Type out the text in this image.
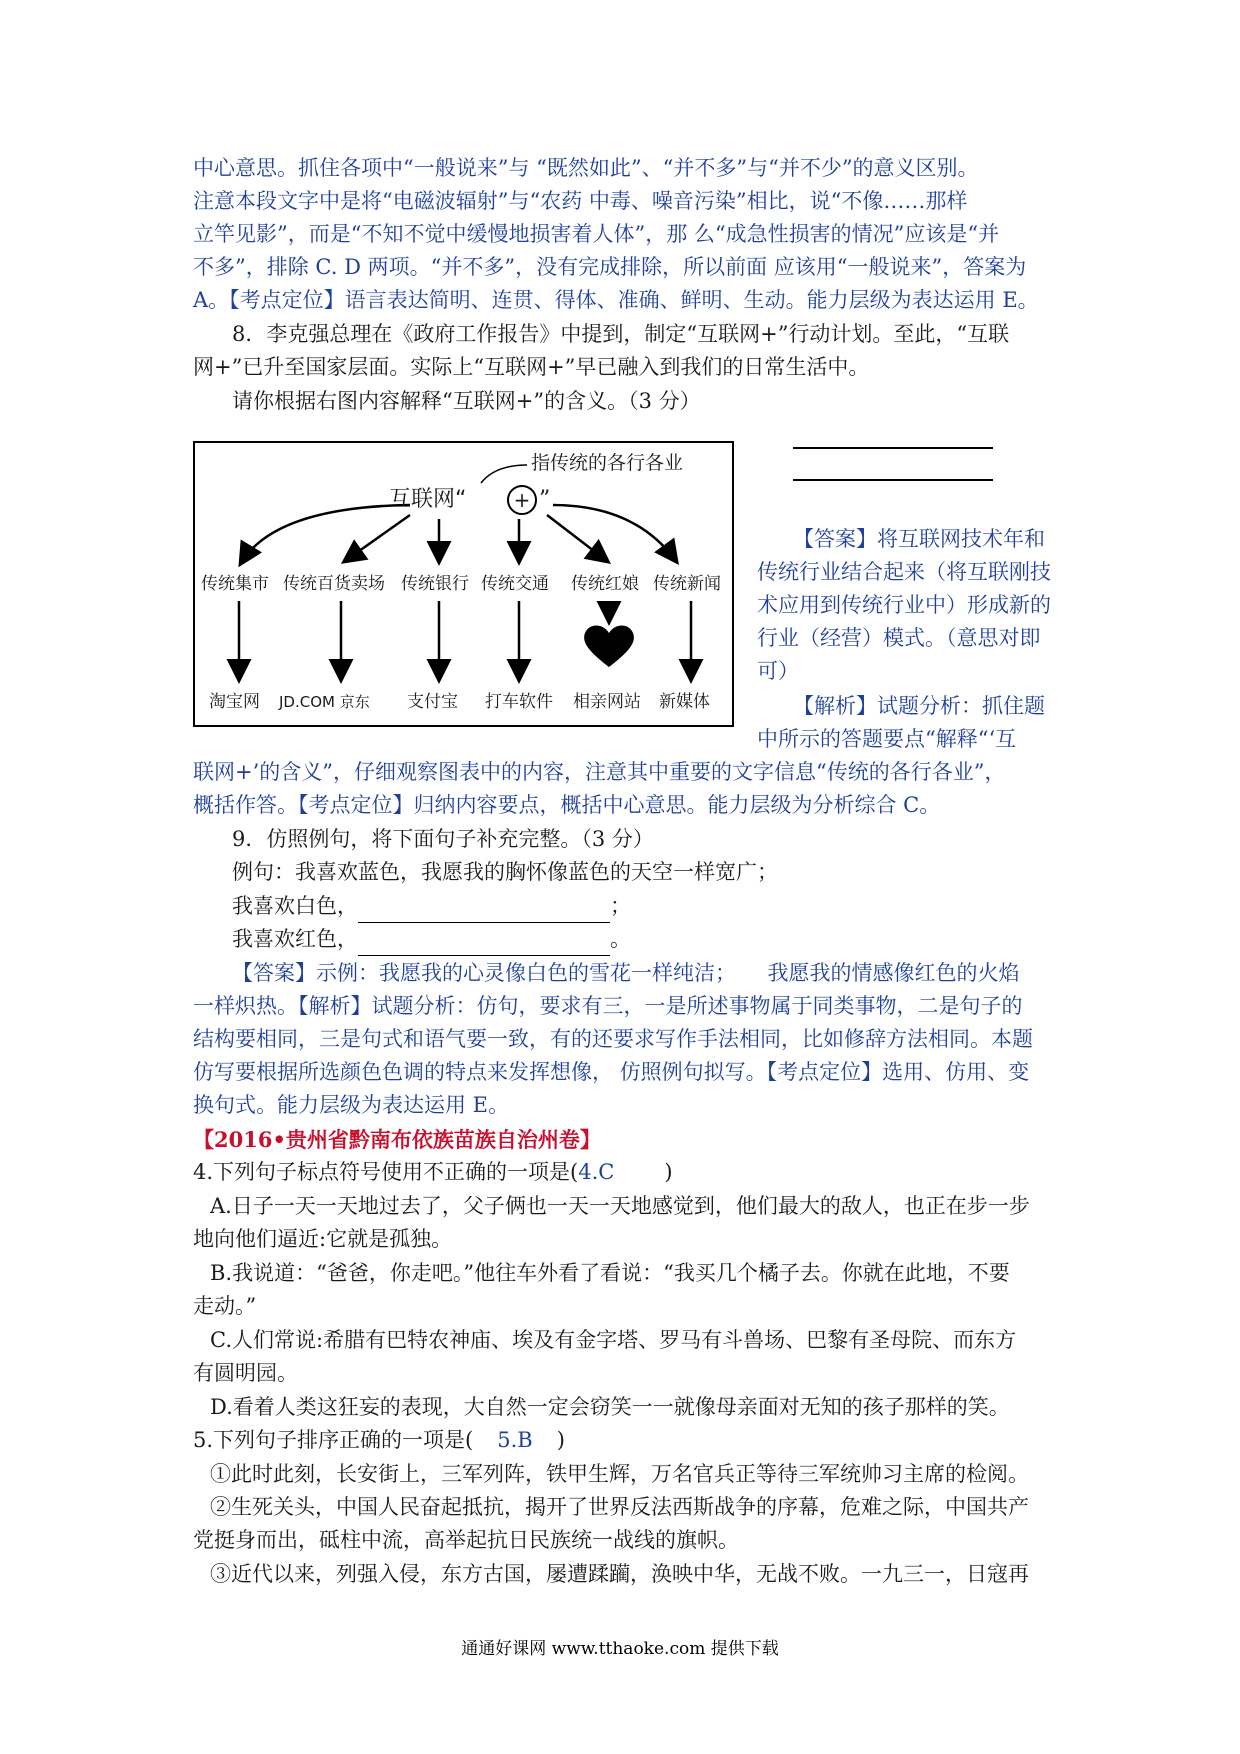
中心意思。抓住各项中“一般说来”与 “既然如此”、“并不多”与“并不少”的意义区别。
注意本段文字中是将“电磁波辐射”与“农药 中毒、噪音污染”相比，说“不像……那样
立竿见影”，而是“不知不觉中缓慢地损害着人体”，那 么“成急性损害的情况”应该是“并
不多”，排除 C. D 两项。“并不多”，没有完成排除，所以前面 应该用“一般说来”，答案为
A。【考点定位】语言表达简明、连贯、得体、准确、鲜明、生动。能力层级为表达运用 E。
8．李克强总理在《政府工作报告》中提到，制定“互联网+”行动计划。至此，“互联
网+”已升至国家层面。实际上“互联网+”早已融入到我们的日常生活中。
请你根据右图内容解释“互联网+”的含义。（3 分）
指传统的各行各业
互联网“ + ”
传统集市 传统百货卖场 传统银行 传统交通 传统红娘 传统新闻
淘宝网 JD.COM 京东 支付宝 打车软件 相亲网站 新媒体
【答案】将互联网技术年和
传统行业结合起来（将互联刚技
术应用到传统行业中）形成新的
行业（经营）模式。（意思对即
可）
【解析】试题分析：抓住题
中所示的答题要点“解释“‘互
联网+’的含义”，仔细观察图表中的内容，注意其中重要的文字信息“传统的各行各业”，
概括作答。【考点定位】归纳内容要点，概括中心意思。能力层级为分析综合 C。
9．仿照例句，将下面句子补充完整。（3 分）
例句：我喜欢蓝色，我愿我的胸怀像蓝色的天空一样宽广；
我喜欢白色，	；
我喜欢红色，	。
【答案】示例：我愿我的心灵像白色的雪花一样纯洁；　　我愿我的情感像红色的火焰
一样炽热。【解析】试题分析：仿句，要求有三，一是所述事物属于同类事物，二是句子的
结构要相同，三是句式和语气要一致，有的还要求写作手法相同，比如修辞方法相同。本题
仿写要根据所选颜色色调的特点来发挥想像， 仿照例句拟写。【考点定位】选用、仿用、变
换句式。能力层级为表达运用 E。
【2016•贵州省黔南布依族苗族自治州卷】
4.下列句子标点符号使用不正确的一项是(4.C )
A.日子一天一天地过去了，父子俩也一天一天地感觉到，他们最大的敌人，也正在步一步
地向他们逼近:它就是孤独。
B.我说道：“爸爸，你走吧。”他往车外看了看说：“我买几个橘子去。你就在此地，不要
走动。”
C.人们常说:希腊有巴特农神庙、埃及有金字塔、罗马有斗兽场、巴黎有圣母院、而东方
有圆明园。
D.看着人类这狂妄的表现，大自然一定会窃笑一一就像母亲面对无知的孩子那样的笑。
5.下列句子排序正确的一项是( 5.B )
①此时此刻，长安街上，三军列阵，铁甲生辉，万名官兵正等待三军统帅习主席的检阅。
②生死关头，中国人民奋起抵抗，揭开了世界反法西斯战争的序幕，危难之际，中国共产
党挺身而出，砥柱中流，高举起抗日民族统一战线的旗帜。
③近代以来，列强入侵，东方古国，屡遭蹂躏，涣映中华，无战不败。一九三一，日寇再
通通好课网 www.tthaoke.com 提供下载
